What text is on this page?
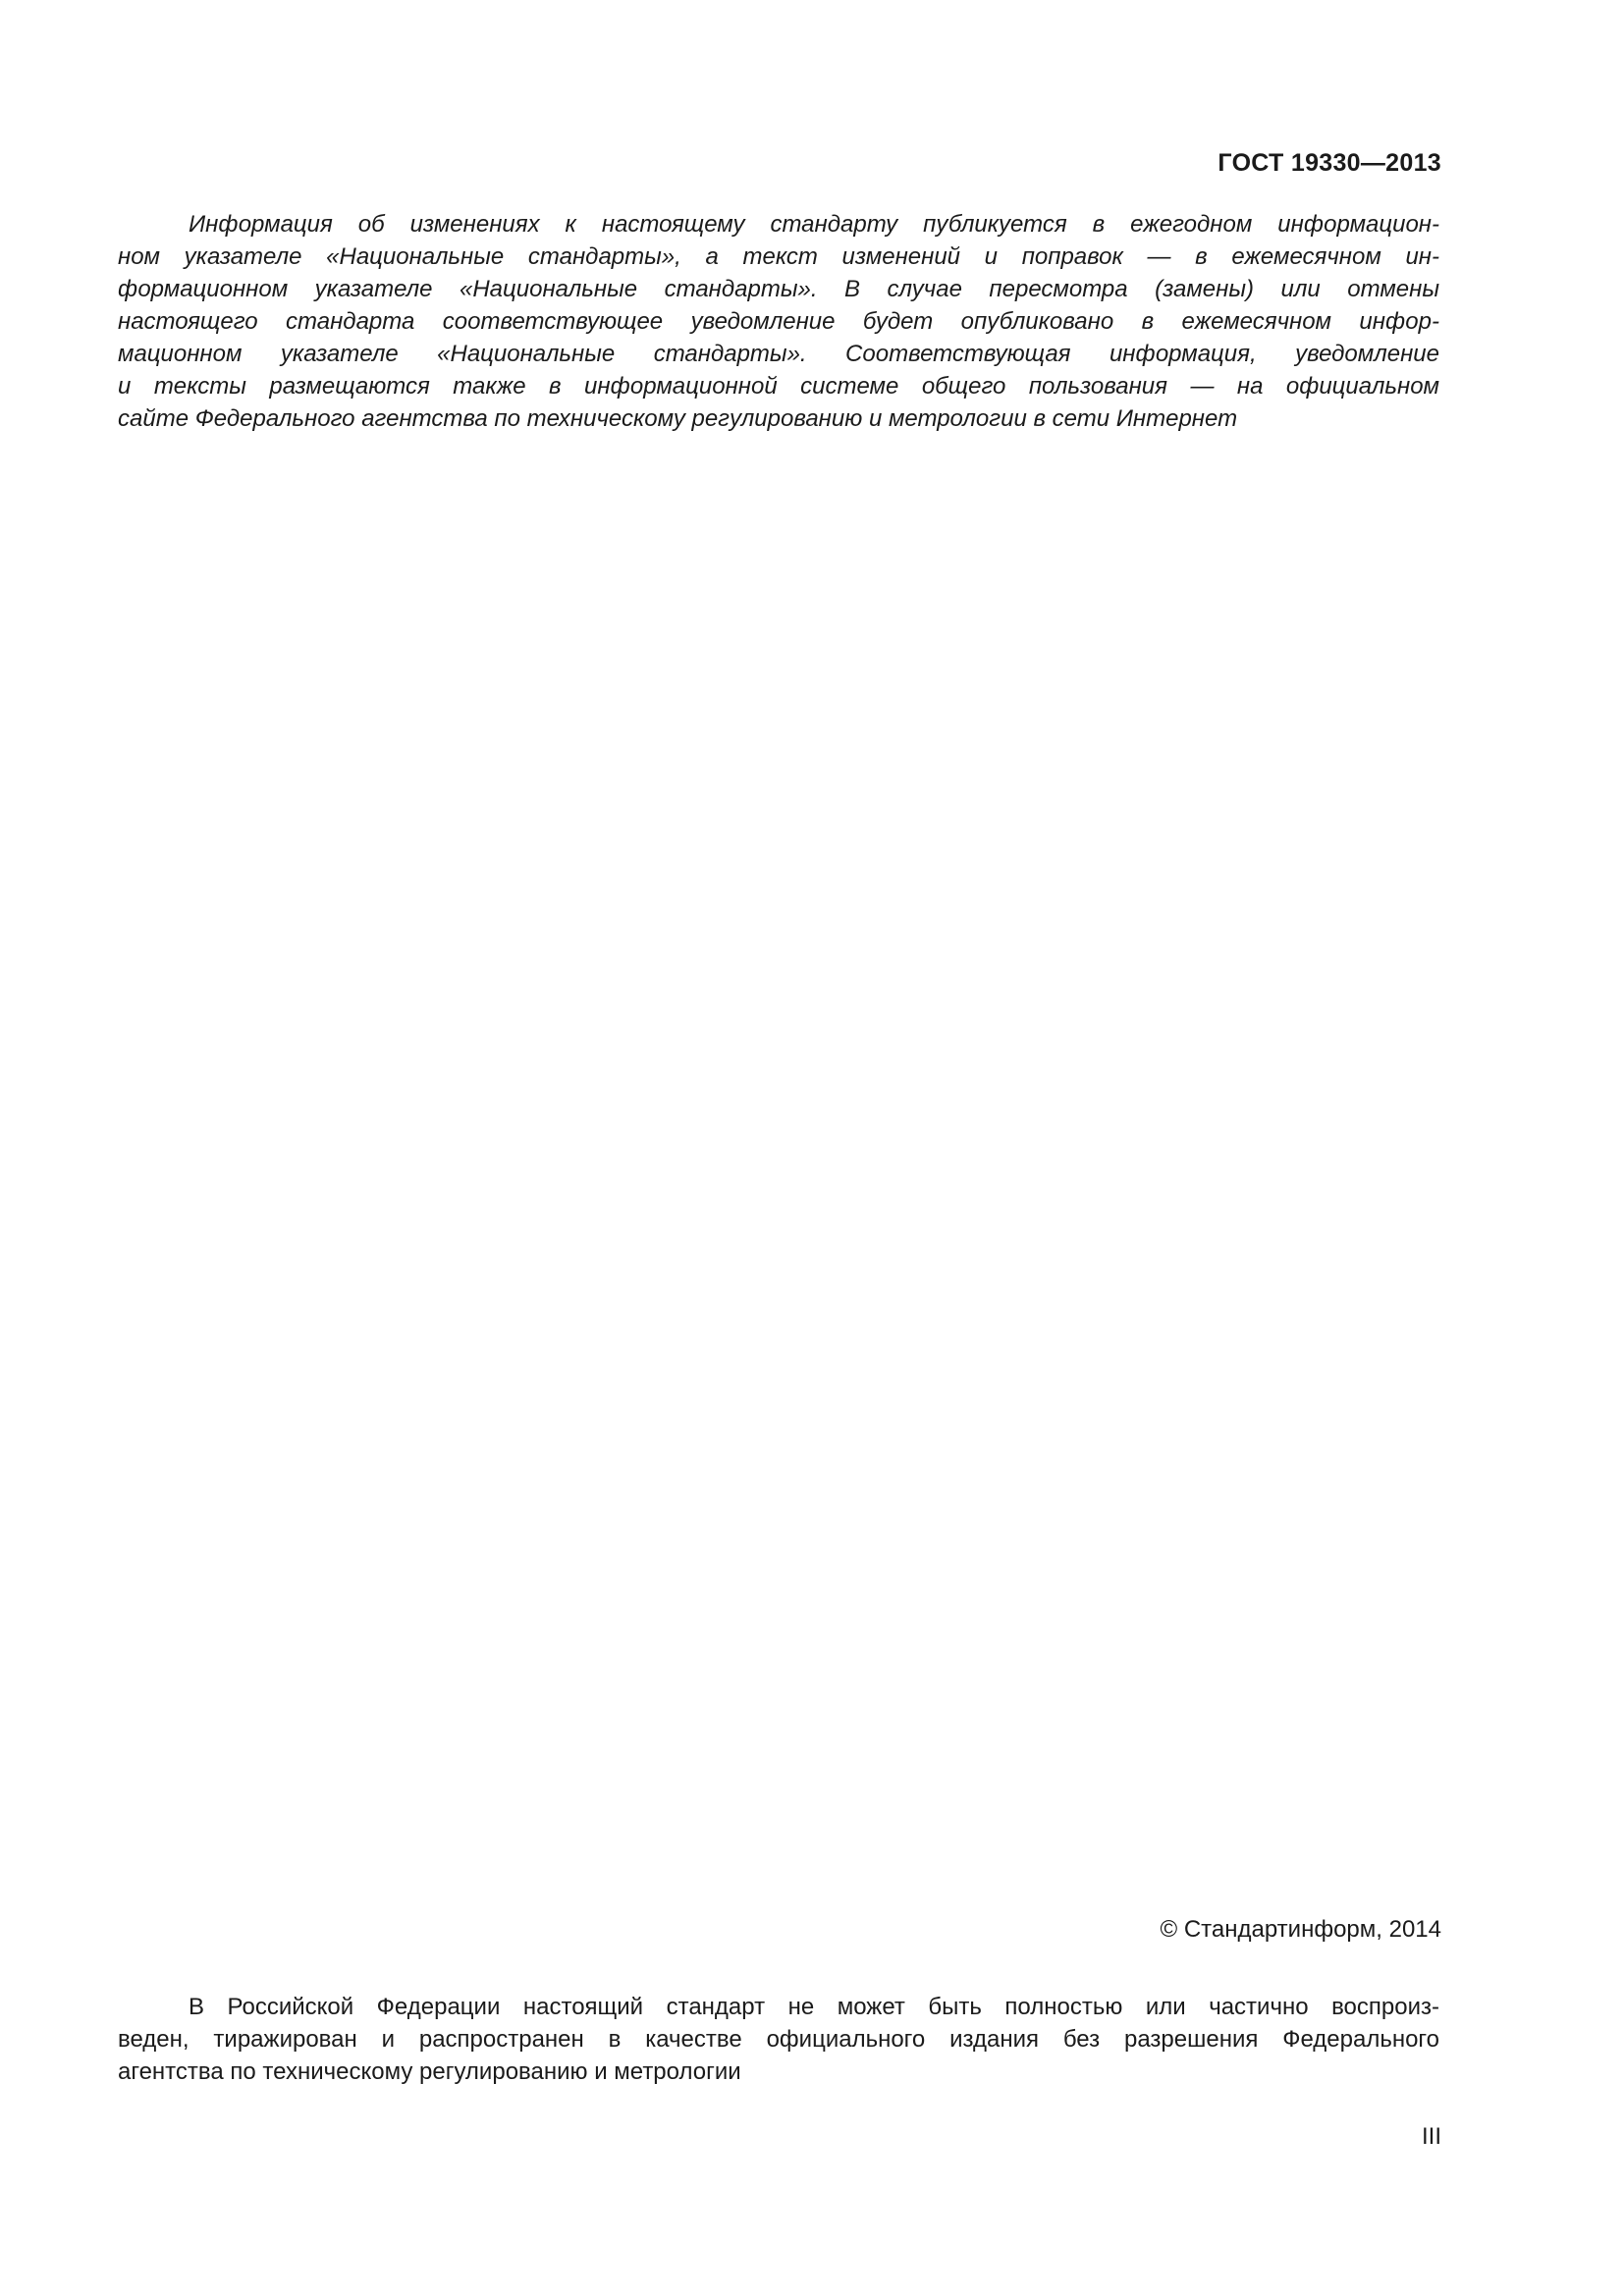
ГОСТ 19330—2013
Информация об изменениях к настоящему стандарту публикуется в ежегодном информацион-
ном указателе «Национальные стандарты», а текст изменений и поправок — в ежемесячном ин-
формационном указателе «Национальные стандарты». В случае пересмотра (замены) или отмены
настоящего стандарта соответствующее уведомление будет опубликовано в ежемесячном инфор-
мационном указателе «Национальные стандарты». Соответствующая информация, уведомление
и тексты размещаются также в информационной системе общего пользования — на официальном
сайте Федерального агентства по техническому регулированию и метрологии в сети Интернет
© Стандартинформ, 2014
В Российской Федерации настоящий стандарт не может быть полностью или частично воспроиз-
веден, тиражирован и распространен в качестве официального издания без разрешения Федерального
агентства по техническому регулированию и метрологии
III
